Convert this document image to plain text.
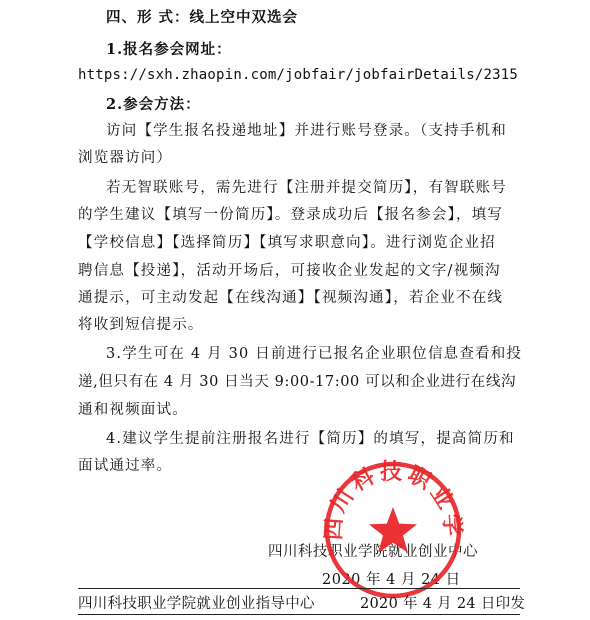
四、形 式：线上空中双选会
1.报名参会网址：
https://sxh.zhaopin.com/jobfair/jobfairDetails/2315
2.参会方法：
访问【学生报名投递地址】并进行账号登录。（支持手机和
浏览器访问）
若无智联账号，需先进行【注册并提交简历】，有智联账号
的学生建议【填写一份简历】。登录成功后【报名参会】，填写
【学校信息】【选择简历】【填写求职意向】。进行浏览企业招
聘信息【投递】，活动开场后，可接收企业发起的文字/视频沟
通提示，可主动发起【在线沟通】【视频沟通】，若企业不在线
将收到短信提示。
3.学生可在 4 月 30 日前进行已报名企业职位信息查看和投
递,但只有在 4 月 30 日当天 9:00-17:00 可以和企业进行在线沟
通和视频面试。
4.建议学生提前注册报名进行【简历】的填写，提高简历和
面试通过率。
四川科技职业学院就业创业中心
2020 年 4 月 24 日
四川科技职业学
四川科技职业学院就业创业指导中心	2020 年 4 月 24 日印发
